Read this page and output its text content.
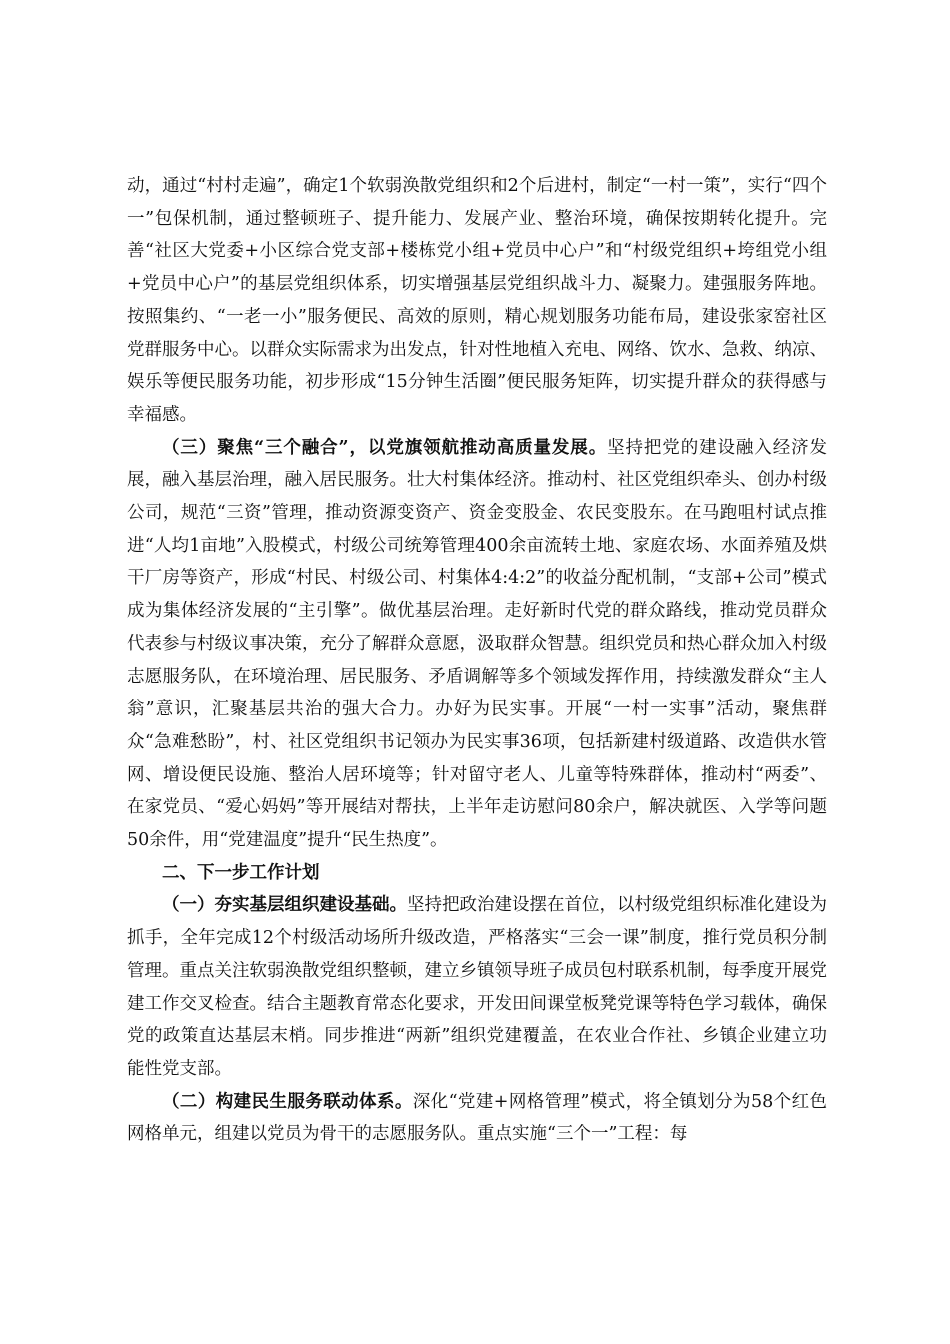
动，通过“村村走遍”，确定1个软弱涣散党组织和2个后进村，制定“一村一策”，实行“四个一”包保机制，通过整顿班子、提升能力、发展产业、整治环境，确保按期转化提升。完善“社区大党委+小区综合党支部+楼栋党小组+党员中心户”和“村级党组织+垮组党小组+党员中心户”的基层党组织体系，切实增强基层党组织战斗力、凝聚力。建强服务阵地。按照集约、“一老一小”服务便民、高效的原则，精心规划服务功能布局，建设张家窑社区党群服务中心。以群众实际需求为出发点，针对性地植入充电、网络、饮水、急救、纳凉、娱乐等便民服务功能，初步形成“15分钟生活圈”便民服务矩阵，切实提升群众的获得感与幸福感。

（三）聚焦“三个融合”，以党旗领航推动高质量发展。坚持把党的建设融入经济发展，融入基层治理，融入居民服务。壮大村集体经济。推动村、社区党组织牵头、创办村级公司，规范“三资”管理，推动资源变资产、资金变股金、农民变股东。在马跑咀村试点推进“人均1亩地”入股模式，村级公司统筹管理400余亩流转土地、家庭农场、水面养殖及烘干厂房等资产，形成“村民、村级公司、村集体4:4:2”的收益分配机制，“支部+公司”模式成为集体经济发展的“主引擎”。做优基层治理。走好新时代党的群众路线，推动党员群众代表参与村级议事决策，充分了解群众意愿，汲取群众智慧。组织党员和热心群众加入村级志愿服务队，在环境治理、居民服务、矛盾调解等多个领域发挥作用，持续激发群众“主人翁”意识，汇聚基层共治的强大合力。办好为民实事。开展“一村一实事”活动，聚焦群众“急难愁盼”，村、社区党组织书记领办为民实事36项，包括新建村级道路、改造供水管网、增设便民设施、整治人居环境等；针对留守老人、儿童等特殊群体，推动村“两委”、在家党员、“爱心妈妈”等开展结对帮扶，上半年走访慰问80余户，解决就医、入学等问题50余件，用“党建温度”提升“民生热度”。

二、下一步工作计划

（一）夯实基层组织建设基础。坚持把政治建设摆在首位，以村级党组织标准化建设为抓手，全年完成12个村级活动场所升级改造，严格落实“三会一课”制度，推行党员积分制管理。重点关注软弱涣散党组织整顿，建立乡镇领导班子成员包村联系机制，每季度开展党建工作交叉检查。结合主题教育常态化要求，开发田间课堂板凳党课等特色学习载体，确保党的政策直达基层末梢。同步推进“两新”组织党建覆盖，在农业合作社、乡镇企业建立功能性党支部。

（二）构建民生服务联动体系。深化“党建+网格管理”模式，将全镇划分为58个红色网格单元，组建以党员为骨干的志愿服务队。重点实施“三个一”工程：每
